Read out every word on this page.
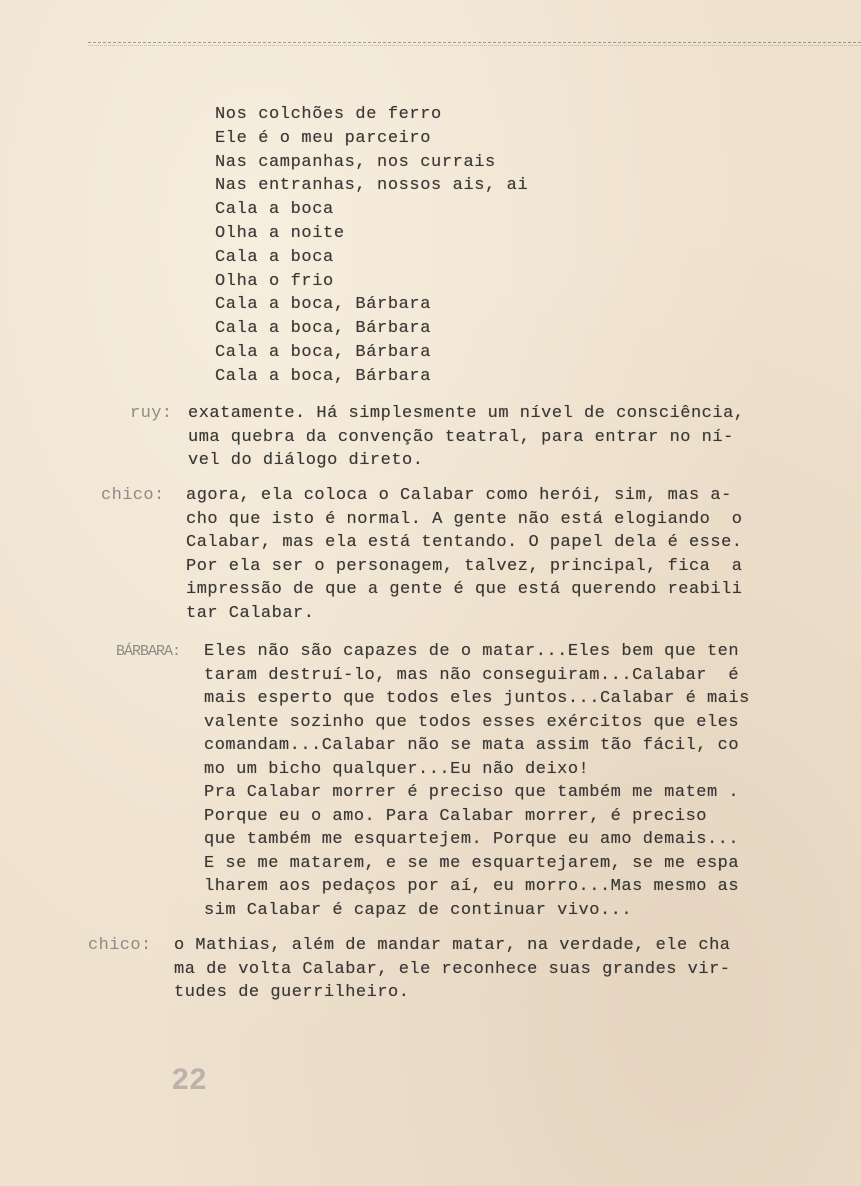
Nos colchões de ferro
Ele é o meu parceiro
Nas campanhas, nos currais
Nas entranhas, nossos ais, ai
Cala a boca
Olha a noite
Cala a boca
Olha o frio
Cala a boca, Bárbara
Cala a boca, Bárbara
Cala a boca, Bárbara
Cala a boca, Bárbara
ruy: exatamente. Há simplesmente um nível de consciência,
uma quebra da convenção teatral, para entrar no ní-
vel do diálogo direto.
chico: agora, ela coloca o Calabar como herói, sim, mas a-
cho que isto é normal. A gente não está elogiando  o
Calabar, mas ela está tentando. O papel dela é esse.
Por ela ser o personagem, talvez, principal, fica  a
impressão de que a gente é que está querendo reabili
tar Calabar.
BÁRBARA: Eles não são capazes de o matar...Eles bem que ten
taram destruí-lo, mas não conseguiram...Calabar  é
mais esperto que todos eles juntos...Calabar é mais
valente sozinho que todos esses exércitos que eles
comandam...Calabar não se mata assim tão fácil, co
mo um bicho qualquer...Eu não deixo!
Pra Calabar morrer é preciso que também me matem .
Porque eu o amo. Para Calabar morrer, é preciso
que também me esquartejem. Porque eu amo demais...
E se me matarem, e se me esquartejarem, se me espa
lharem aos pedaços por aí, eu morro...Mas mesmo as
sim Calabar é capaz de continuar vivo...
chico: o Mathias, além de mandar matar, na verdade, ele cha
ma de volta Calabar, ele reconhece suas grandes vir-
tudes de guerrilheiro.
22
